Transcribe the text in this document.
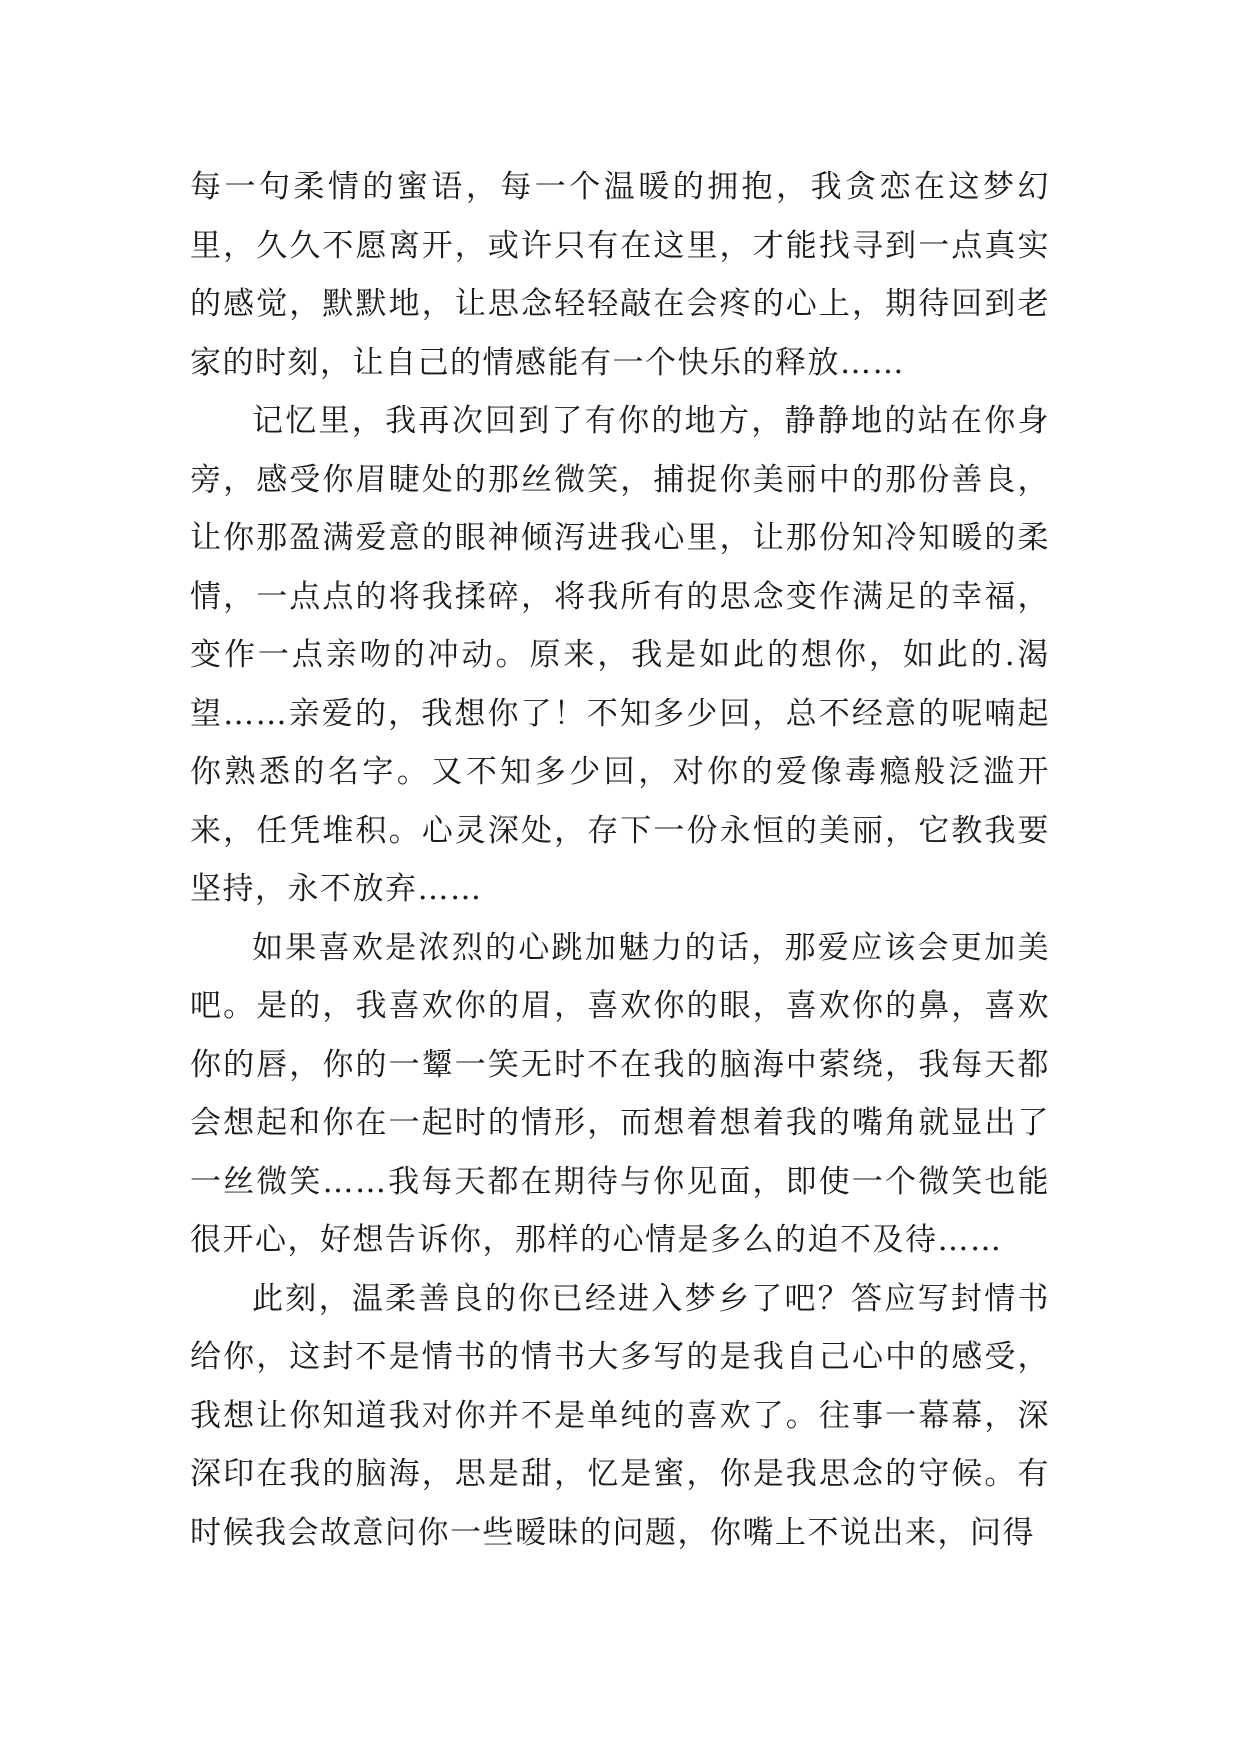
每一句柔情的蜜语，每一个温暖的拥抱，我贪恋在这梦幻里，久久不愿离开，或许只有在这里，才能找寻到一点真实的感觉，默默地，让思念轻轻敲在会疼的心上，期待回到老家的时刻，让自己的情感能有一个快乐的释放……

记忆里，我再次回到了有你的地方，静静地的站在你身旁，感受你眉睫处的那丝微笑，捕捉你美丽中的那份善良，让你那盈满爱意的眼神倾泻进我心里，让那份知冷知暖的柔情，一点点的将我揉碎，将我所有的思念变作满足的幸福，变作一点亲吻的冲动。原来，我是如此的想你，如此的.渴望……亲爱的，我想你了！不知多少回，总不经意的呢喃起你熟悉的名字。又不知多少回，对你的爱像毒瘾般泛滥开来，任凭堆积。心灵深处，存下一份永恒的美丽，它教我要坚持，永不放弃……

如果喜欢是浓烈的心跳加魅力的话，那爱应该会更加美吧。是的，我喜欢你的眉，喜欢你的眼，喜欢你的鼻，喜欢你的唇，你的一颦一笑无时不在我的脑海中萦绕，我每天都会想起和你在一起时的情形，而想着想着我的嘴角就显出了一丝微笑……我每天都在期待与你见面，即使一个微笑也能很开心，好想告诉你，那样的心情是多么的迫不及待……

此刻，温柔善良的你已经进入梦乡了吧？答应写封情书给你，这封不是情书的情书大多写的是我自己心中的感受，我想让你知道我对你并不是单纯的喜欢了。往事一幕幕，深深印在我的脑海，思是甜，忆是蜜，你是我思念的守候。有时候我会故意问你一些暧昧的问题，你嘴上不说出来，问得
